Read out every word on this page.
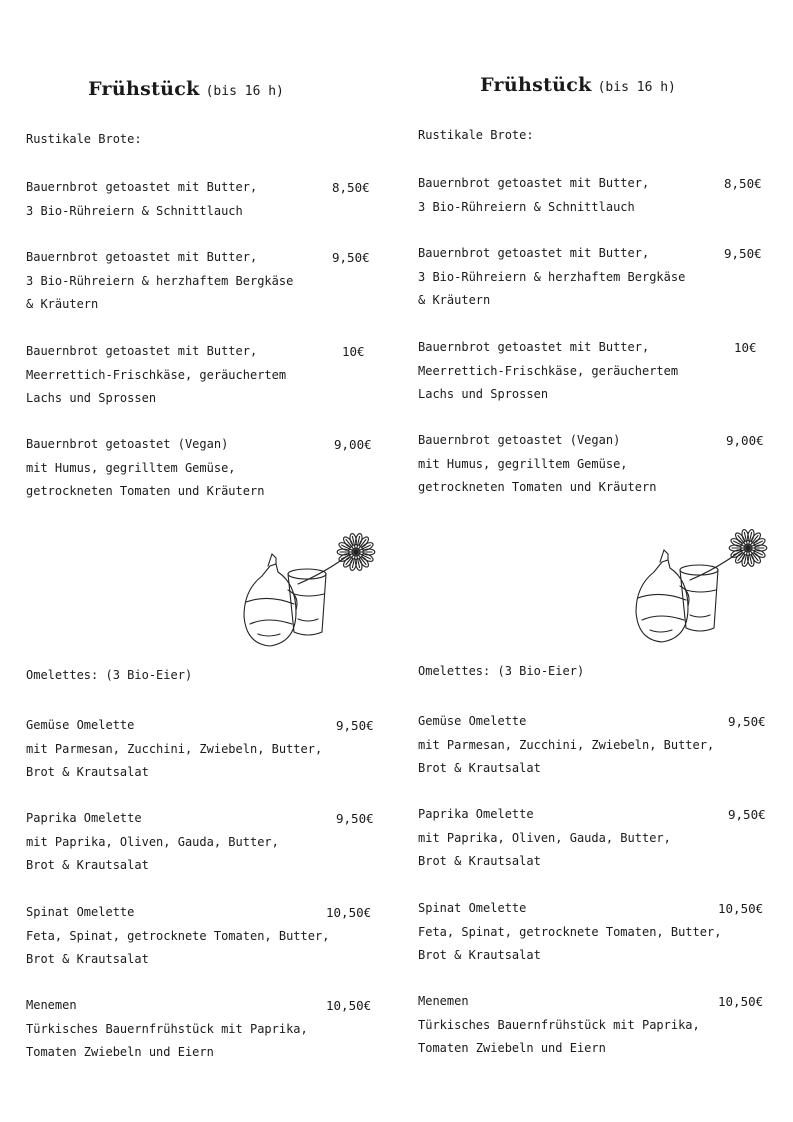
Frühstück (bis 16 h)
Rustikale Brote:
Bauernbrot getoastet mit Butter,
3 Bio-Rühreiern & Schnittlauch
8,50€
Bauernbrot getoastet mit Butter,
3 Bio-Rühreiern & herzhaftem Bergkäse
& Kräutern
9,50€
Bauernbrot getoastet mit Butter,
Meerrettich-Frischkäse, geräuchertem
Lachs und Sprossen
10€
Bauernbrot getoastet (Vegan)
mit Humus, gegrilltem Gemüse,
getrockneten Tomaten und Kräutern
9,00€
Omelettes: (3 Bio-Eier)
Gemüse Omelette
mit Parmesan, Zucchini, Zwiebeln, Butter,
Brot & Krautsalat
9,50€
Paprika Omelette
mit Paprika, Oliven, Gauda, Butter,
Brot & Krautsalat
9,50€
Spinat Omelette
Feta, Spinat, getrocknete Tomaten, Butter,
Brot & Krautsalat
10,50€
Menemen
Türkisches Bauernfrühstück mit Paprika,
Tomaten Zwiebeln und Eiern
10,50€
Frühstück (bis 16 h)
Rustikale Brote:
Bauernbrot getoastet mit Butter,
3 Bio-Rühreiern & Schnittlauch
8,50€
Bauernbrot getoastet mit Butter,
3 Bio-Rühreiern & herzhaftem Bergkäse
& Kräutern
9,50€
Bauernbrot getoastet mit Butter,
Meerrettich-Frischkäse, geräuchertem
Lachs und Sprossen
10€
Bauernbrot getoastet (Vegan)
mit Humus, gegrilltem Gemüse,
getrockneten Tomaten und Kräutern
9,00€
Omelettes: (3 Bio-Eier)
Gemüse Omelette
mit Parmesan, Zucchini, Zwiebeln, Butter,
Brot & Krautsalat
9,50€
Paprika Omelette
mit Paprika, Oliven, Gauda, Butter,
Brot & Krautsalat
9,50€
Spinat Omelette
Feta, Spinat, getrocknete Tomaten, Butter,
Brot & Krautsalat
10,50€
Menemen
Türkisches Bauernfrühstück mit Paprika,
Tomaten Zwiebeln und Eiern
10,50€
